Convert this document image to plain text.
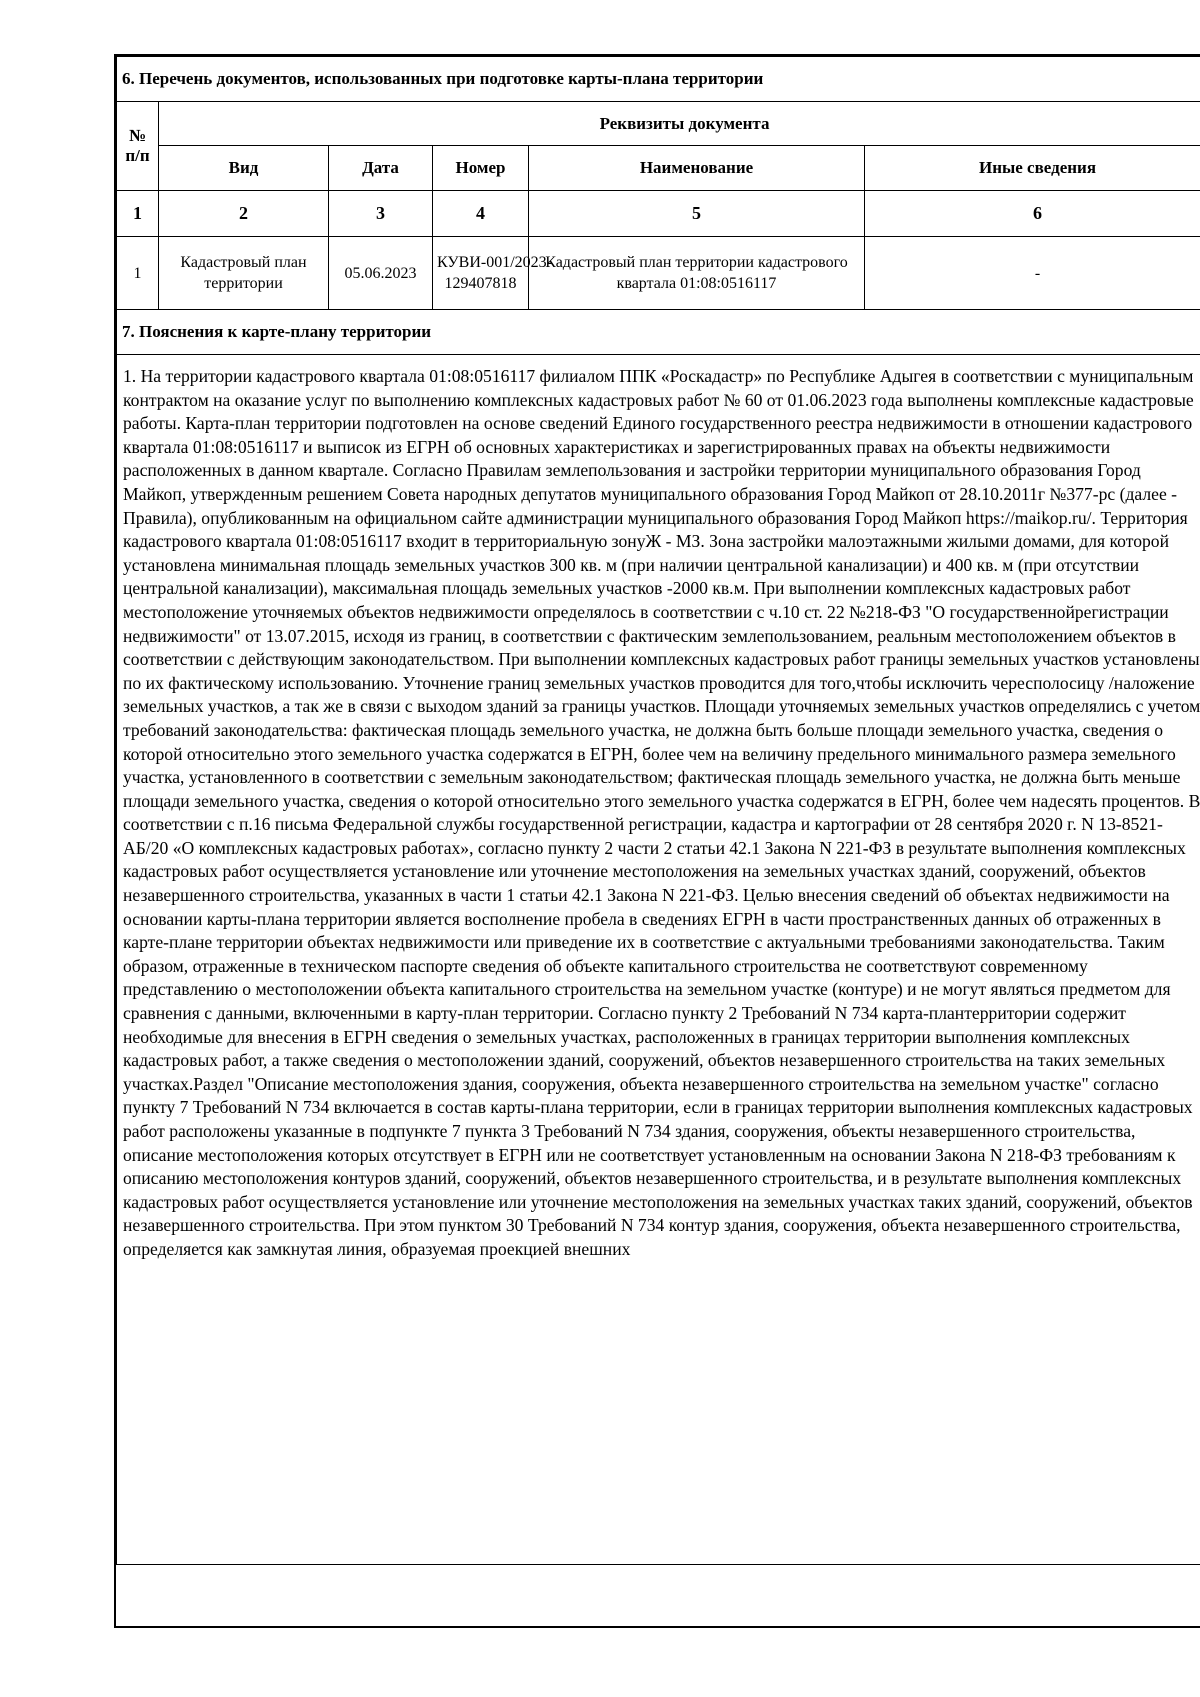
6. Перечень документов, использованных при подготовке карты-плана территории					
№ п/п	Реквизиты документа				
	Вид	Дата	Номер	Наименование	Иные сведения
1	2	3	4	5	6
1	Кадастровый план территории	05.06.2023	КУВИ-001/2023-129407818	Кадастровый план территории кадастрового квартала 01:08:0516117	-
7. Пояснения к карте-плану территории					

1. На территории кадастрового квартала 01:08:0516117 филиалом ППК «Роскадастр» по Республике Адыгея в соответствии с муниципальным контрактом на оказание услуг по выполнению комплексных кадастровых работ № 60 от 01.06.2023 года выполнены комплексные кадастровые работы. Карта-план территории подготовлен на основе сведений Единого государственного реестра недвижимости в отношении кадастрового квартала 01:08:0516117 и выписок из ЕГРН об основных характеристиках и зарегистрированных правах на объекты недвижимости расположенных в данном квартале. Согласно Правилам землепользования и застройки территории муниципального образования Город Майкоп, утвержденным решением Совета народных депутатов муниципального образования Город Майкоп от 28.10.2011г №377-рс (далее - Правила), опубликованным на официальном сайте администрации муниципального образования Город Майкоп https://maikop.ru/. Территория кадастрового квартала 01:08:0516117 входит в территориальную зонуЖ - МЗ. Зона застройки малоэтажными жилыми домами, для которой установлена минимальная площадь земельных участков 300 кв. м (при наличии центральной канализации) и 400 кв. м (при отсутствии центральной канализации), максимальная площадь земельных участков -2000 кв.м. При выполнении комплексных кадастровых работ местоположение уточняемых объектов недвижимости определялось в соответствии с ч.10 ст. 22 №218-ФЗ "О государственнойрегистрации недвижимости" от 13.07.2015, исходя из границ, в соответствии с фактическим землепользованием, реальным местоположением объектов в соответствии с действующим законодательством. При выполнении комплексных кадастровых работ границы земельных участков установлены по их фактическому использованию. Уточнение границ земельных участков проводится для того,чтобы исключить чересполосицу /наложение земельных участков, а так же в связи с выходом зданий за границы участков. Площади уточняемых земельных участков определялись с учетом требований законодательства: фактическая площадь земельного участка, не должна быть больше площади земельного участка, сведения о которой относительно этого земельного участка содержатся в ЕГРН, более чем на величину предельного минимального размера земельного участка, установленного в соответствии с земельным законодательством; фактическая площадь земельного участка, не должна быть меньше площади земельного участка, сведения о которой относительно этого земельного участка содержатся в ЕГРН, более чем надесять процентов. В соответствии с п.16 письма Федеральной службы государственной регистрации, кадастра и картографии от 28 сентября 2020 г. N 13-8521-АБ/20 «О комплексных кадастровых работах», согласно пункту 2 части 2 статьи 42.1 Закона N 221-ФЗ в результате выполнения комплексных кадастровых работ осуществляется установление или уточнение местоположения на земельных участках зданий, сооружений, объектов незавершенного строительства, указанных в части 1 статьи 42.1 Закона N 221-ФЗ. Целью внесения сведений об объектах недвижимости на основании карты-плана территории является восполнение пробела в сведениях ЕГРН в части пространственных данных об отраженных в карте-плане территории объектах недвижимости или приведение их в соответствие с актуальными требованиями законодательства. Таким образом, отраженные в техническом паспорте сведения об объекте капитального строительства не соответствуют современному представлению о местоположении объекта капитального строительства на земельном участке (контуре) и не могут являться предметом для сравнения с данными, включенными в карту-план территории. Согласно пункту 2 Требований N 734 карта-плантерритории содержит необходимые для внесения в ЕГРН сведения о земельных участках, расположенных в границах территории выполнения комплексных кадастровых работ, а также сведения о местоположении зданий, сооружений, объектов незавершенного строительства на таких земельных участках.Раздел "Описание местоположения здания, сооружения, объекта незавершенного строительства на земельном участке" согласно пункту 7 Требований N 734 включается в состав карты-плана территории, если в границах территории выполнения комплексных кадастровых работ расположены указанные в подпункте 7 пункта 3 Требований N 734 здания, сооружения, объекты незавершенного строительства, описание местоположения которых отсутствует в ЕГРН или не соответствует установленным на основании Закона N 218-ФЗ требованиям к описанию местоположения контуров зданий, сооружений, объектов незавершенного строительства, и в результате выполнения комплексных кадастровых работ осуществляется установление или уточнение местоположения на земельных участках таких зданий, сооружений, объектов незавершенного строительства. При этом пунктом 30 Требований N 734 контур здания, сооружения, объекта незавершенного строительства, определяется как замкнутая линия, образуемая проекцией внешних					
